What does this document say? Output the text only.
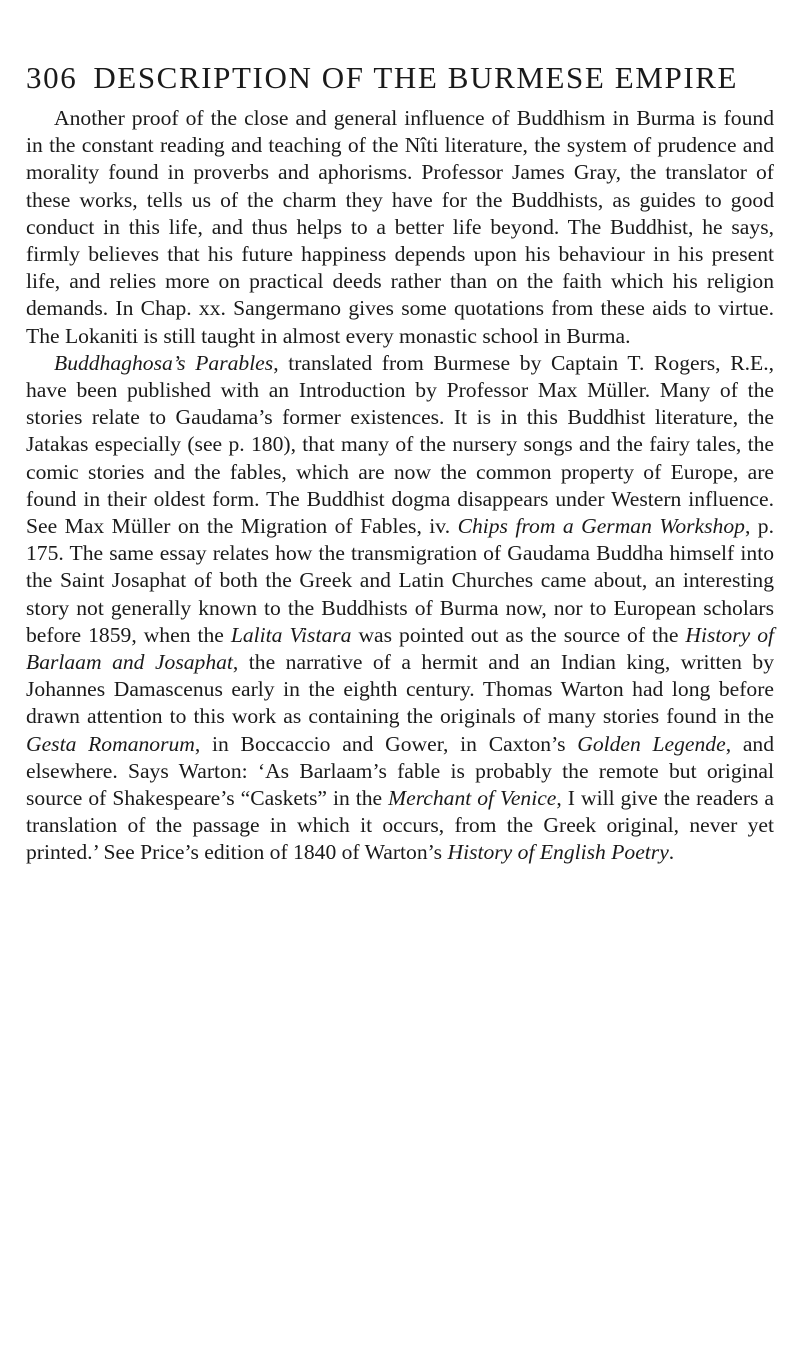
306 DESCRIPTION OF THE BURMESE EMPIRE

Another proof of the close and general influence of Buddhism in Burma is found in the constant reading and teaching of the Nîti literature, the system of prudence and morality found in proverbs and aphorisms. Professor James Gray, the translator of these works, tells us of the charm they have for the Buddhists, as guides to good conduct in this life, and thus helps to a better life beyond. The Buddhist, he says, firmly believes that his future happiness depends upon his behaviour in his present life, and relies more on practical deeds rather than on the faith which his religion demands. In Chap. xx. Sangermano gives some quotations from these aids to virtue. The Lokaniti is still taught in almost every monastic school in Burma.

Buddhaghosa’s Parables, translated from Burmese by Captain T. Rogers, R.E., have been published with an Introduction by Professor Max Müller. Many of the stories relate to Gaudama’s former existences. It is in this Buddhist literature, the Jatakas especially (see p. 180), that many of the nursery songs and the fairy tales, the comic stories and the fables, which are now the common property of Europe, are found in their oldest form. The Buddhist dogma disappears under Western influence. See Max Müller on the Migration of Fables, iv. Chips from a German Workshop, p. 175. The same essay relates how the transmigration of Gaudama Buddha himself into the Saint Josaphat of both the Greek and Latin Churches came about, an interesting story not generally known to the Buddhists of Burma now, nor to European scholars before 1859, when the Lalita Vistara was pointed out as the source of the History of Barlaam and Josaphat, the narrative of a hermit and an Indian king, written by Johannes Damascenus early in the eighth century. Thomas Warton had long before drawn attention to this work as containing the originals of many stories found in the Gesta Romanorum, in Boccaccio and Gower, in Caxton’s Golden Legende, and elsewhere. Says Warton: ‘As Barlaam’s fable is probably the remote but original source of Shakespeare’s “Caskets” in the Merchant of Venice, I will give the readers a translation of the passage in which it occurs, from the Greek original, never yet printed.’ See Price’s edition of 1840 of Warton’s History of English Poetry.
